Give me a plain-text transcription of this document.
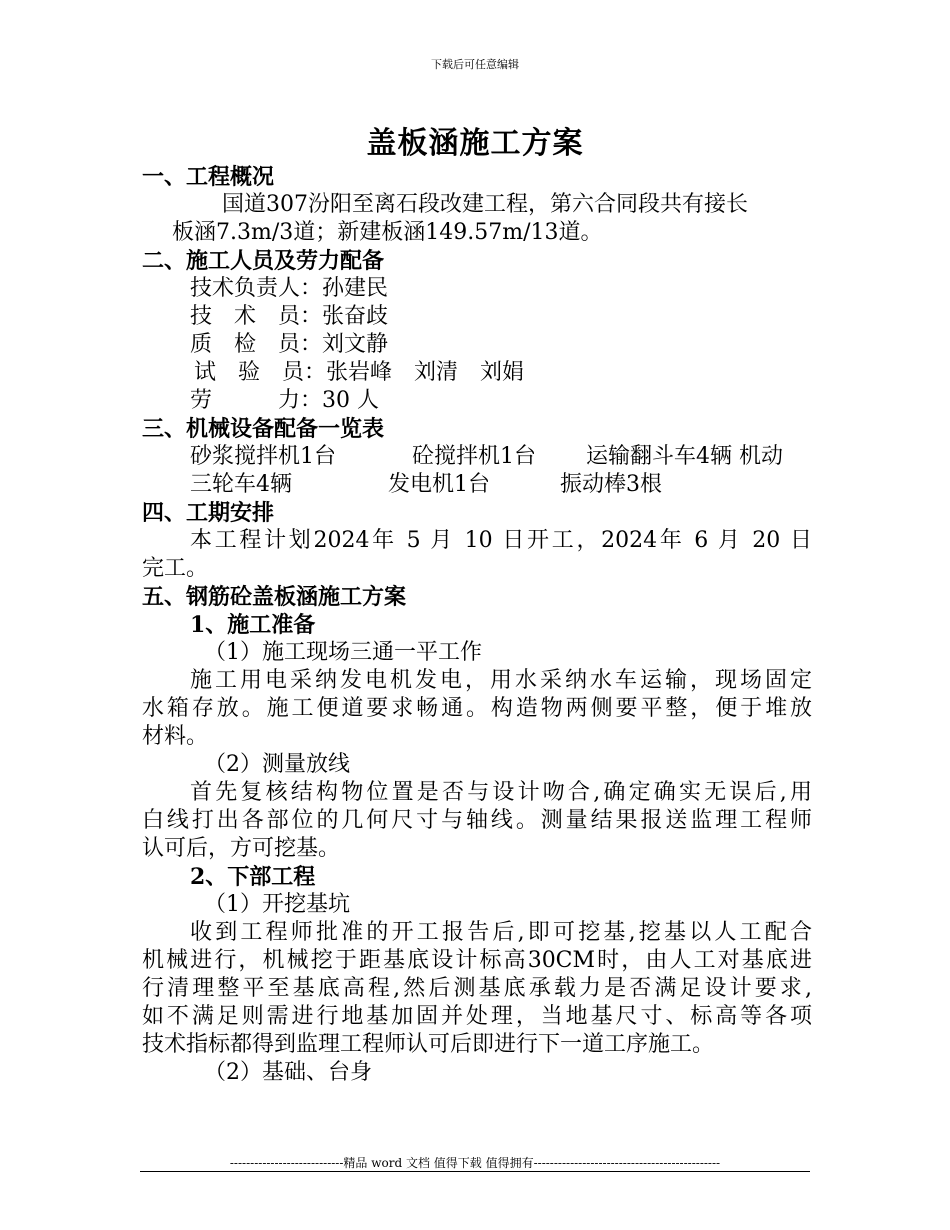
下载后可任意编辑
盖板涵施工方案
一、工程概况
国道307汾阳至离石段改建工程，第六合同段共有接长
板涵7.3m/3道；新建板涵149.57m/13道。
二、施工人员及劳力配备
技术负责人：孙建民
技　术　员：张奋歧
质　检　员：刘文静
试　验　员：张岩峰　刘清　刘娟
劳　　　力：30 人
三、机械设备配备一览表
砂浆搅拌机1台	砼搅拌机1台	运输翻斗车4辆 机动
三轮车4辆	发电机1台	振动棒3根
四、工期安排
本工程计划2024年 5 月 10 日开工，2024年 6 月 20 日
完工。
五、钢筋砼盖板涵施工方案
1、施工准备
（1）施工现场三通一平工作
施工用电采纳发电机发电，用水采纳水车运输，现场固定
水箱存放。施工便道要求畅通。构造物两侧要平整，便于堆放
材料。
（2）测量放线
首先复核结构物位置是否与设计吻合,确定确实无误后,用
白线打出各部位的几何尺寸与轴线。测量结果报送监理工程师
认可后，方可挖基。
2、下部工程
（1）开挖基坑
收到工程师批准的开工报告后,即可挖基,挖基以人工配合
机械进行，机械挖于距基底设计标高30CM时，由人工对基底进
行清理整平至基底高程,然后测基底承载力是否满足设计要求,
如不满足则需进行地基加固并处理，当地基尺寸、标高等各项
技术指标都得到监理工程师认可后即进行下一道工序施工。
（2）基础、台身
----------------------------精品 word 文档 值得下载 值得拥有----------------------------------------------
